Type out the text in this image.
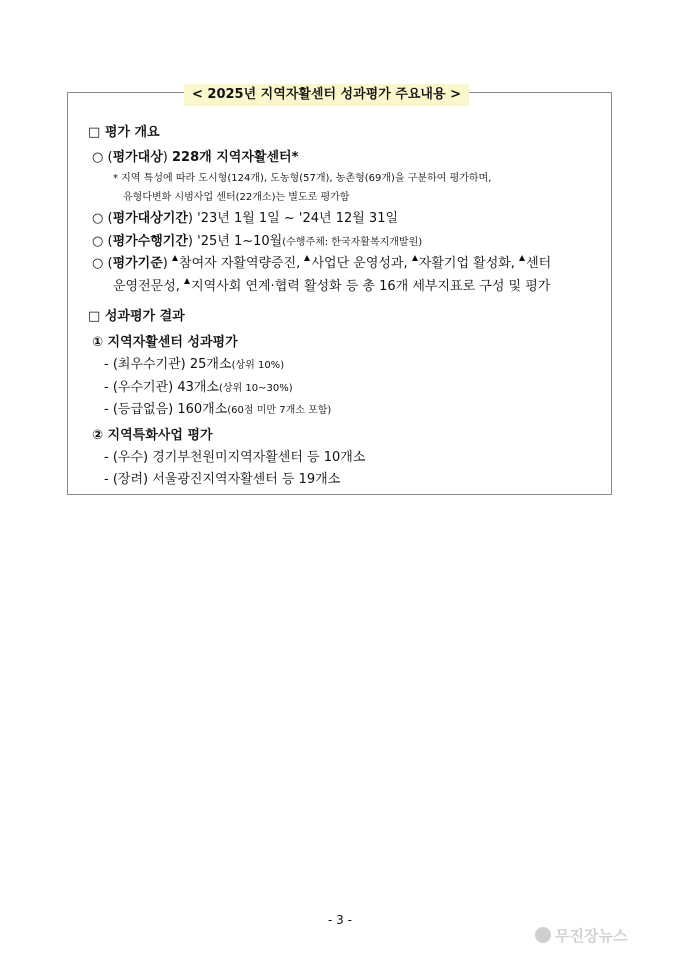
< 2025년 지역자활센터 성과평가 주요내용 >
□ 평가 개요
○ (평가대상) 228개 지역자활센터*
* 지역 특성에 따라 도시형(124개), 도농형(57개), 농촌형(69개)을 구분하여 평가하며,
유형다변화 시범사업 센터(22개소)는 별도로 평가함
○ (평가대상기간) '23년 1월 1일 ~ '24년 12월 31일
○ (평가수행기간) '25년 1~10월(수행주체: 한국자활복지개발원)
○ (평가기준) 참여자 자활역량증진, 사업단 운영성과, 자활기업 활성화, 센터
운영전문성, 지역사회 연계·협력 활성화 등 총 16개 세부지표로 구성 및 평가
□ 성과평가 결과
① 지역자활센터 성과평가
- (최우수기관) 25개소(상위 10%)
- (우수기관) 43개소(상위 10~30%)
- (등급없음) 160개소(60점 미만 7개소 포함)
② 지역특화사업 평가
- (우수) 경기부천원미지역자활센터 등 10개소
- (장려) 서울광진지역자활센터 등 19개소
- 3 -
무진장뉴스
